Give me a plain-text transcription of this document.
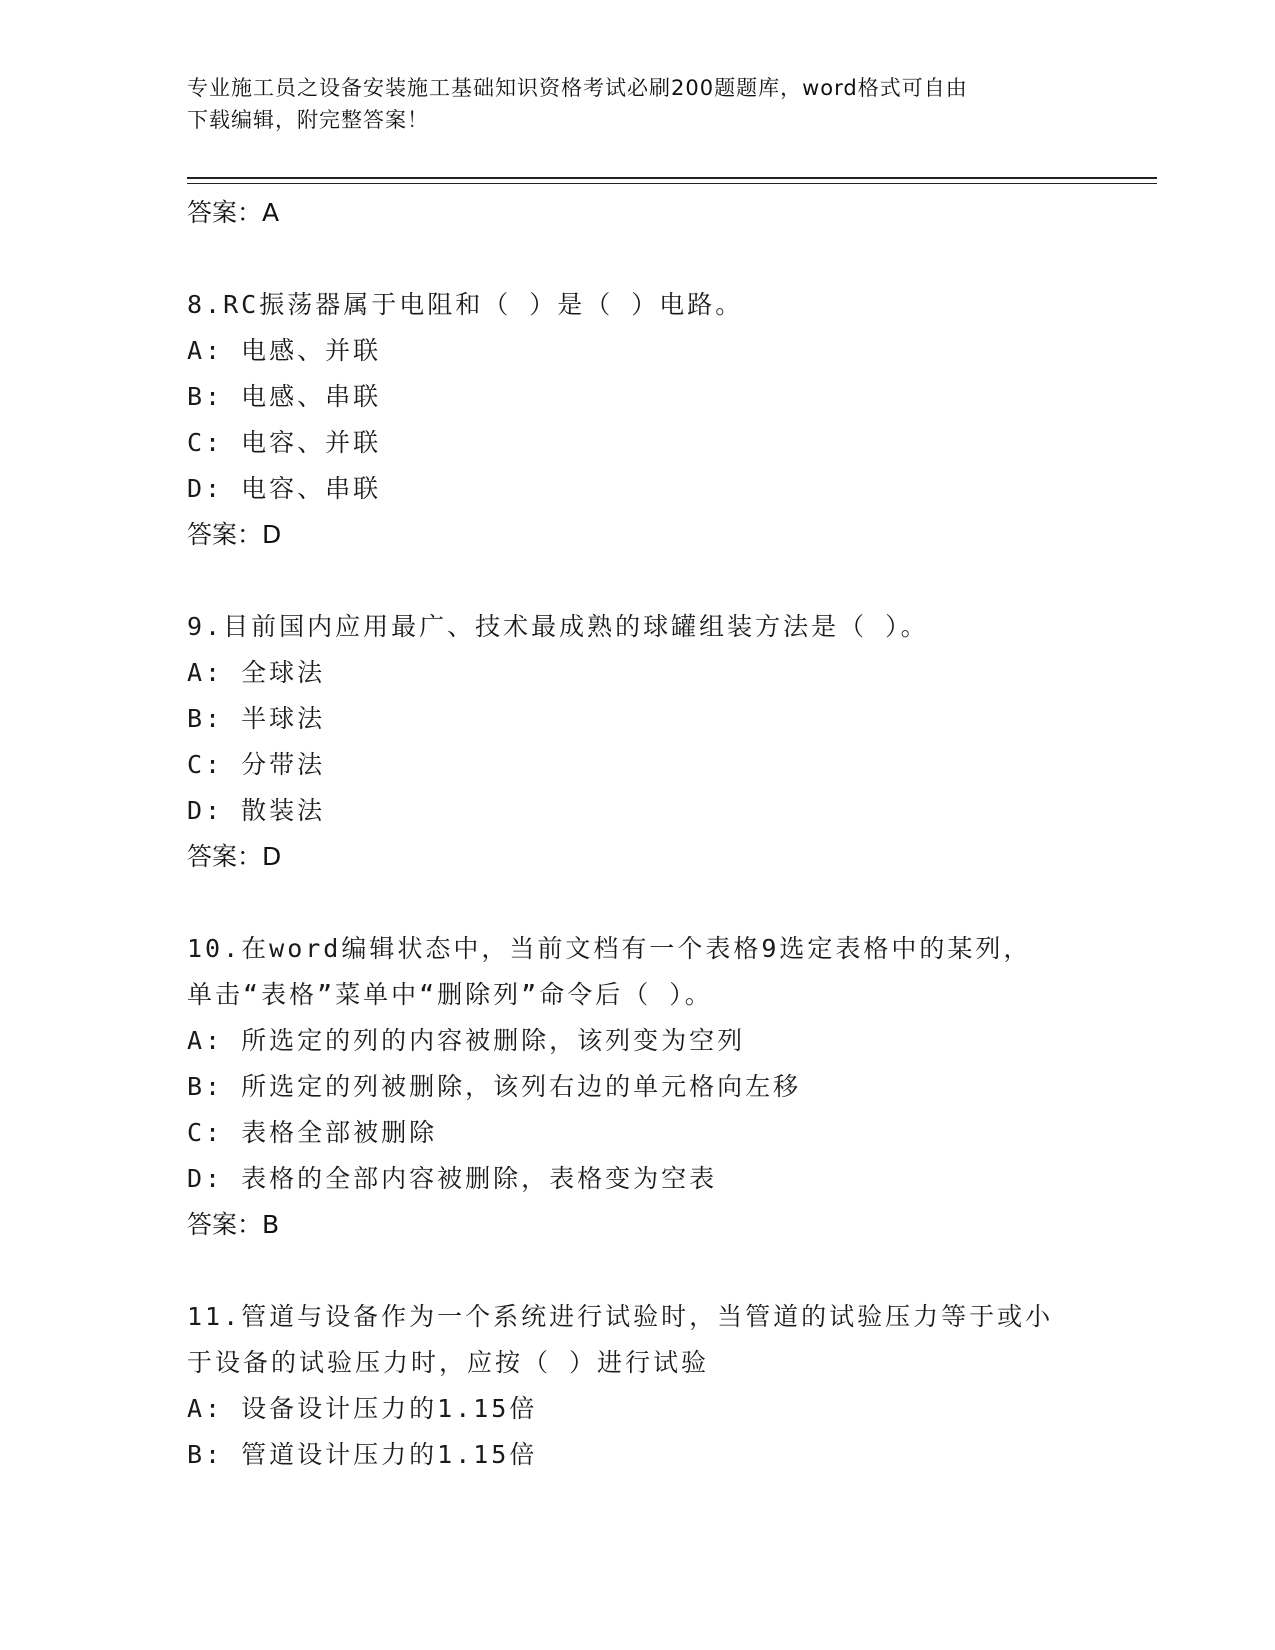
专业施工员之设备安装施工基础知识资格考试必刷200题题库，word格式可自由
下载编辑，附完整答案！
答案：A
8.RC振荡器属于电阻和（ ）是（ ）电路。
A: 电感、并联
B: 电感、串联
C: 电容、并联
D: 电容、串联
答案：D
9.目前国内应用最广、技术最成熟的球罐组装方法是（ ）。
A: 全球法
B: 半球法
C: 分带法
D: 散装法
答案：D
10.在word编辑状态中，当前文档有一个表格9选定表格中的某列，
单击“表格”菜单中“删除列”命令后（ ）。
A: 所选定的列的内容被删除，该列变为空列
B: 所选定的列被删除，该列右边的单元格向左移
C: 表格全部被删除
D: 表格的全部内容被删除，表格变为空表
答案：B
11.管道与设备作为一个系统进行试验时，当管道的试验压力等于或小
于设备的试验压力时，应按（ ）进行试验
A: 设备设计压力的1.15倍
B: 管道设计压力的1.15倍
